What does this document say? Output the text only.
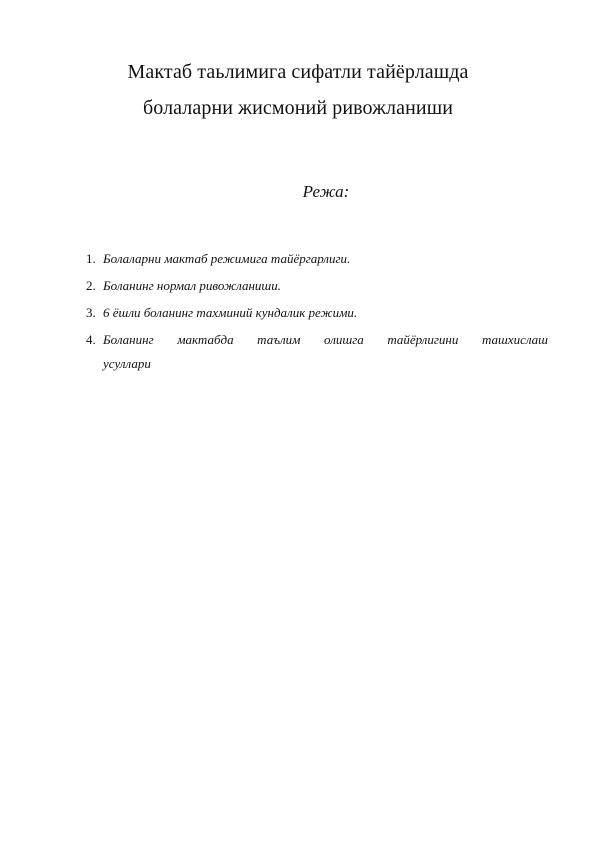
Мактаб таьлимига сифатли тайёрлашда
болаларни жисмоний ривожланиши
Режа:
1. Болаларни мактаб режимига тайёргарлиги.
2. Боланинг нормал ривожланиши.
3. 6 ёшли боланинг тахминий кундалик режими.
4. Боланинг мактабда таълим олишга тайёрлигини ташхислаш
усуллари
